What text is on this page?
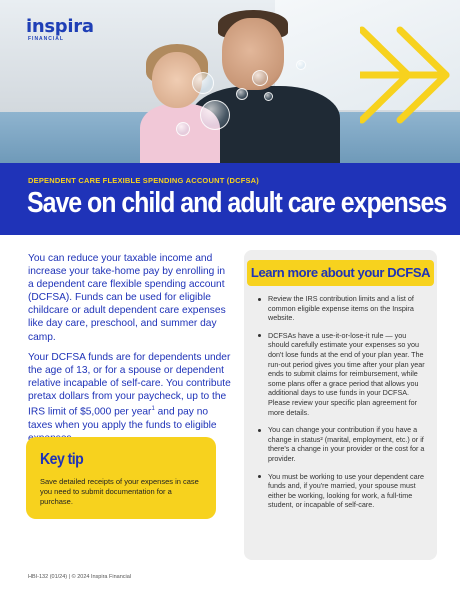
inspira
FINANCIAL
DEPENDENT CARE FLEXIBLE SPENDING ACCOUNT (DCFSA)
Save on child and adult care expenses

You can reduce your taxable income and increase your take-home pay by enrolling in a dependent care flexible spending account (DCFSA). Funds can be used for eligible childcare or adult dependent care expenses like day care, preschool, and summer day camp.

Your DCFSA funds are for dependents under the age of 13, or for a spouse or dependent relative incapable of self-care. You contribute pretax dollars from your paycheck, up to the IRS limit of $5,000 per year$^1$ and pay no taxes when you apply the funds to eligible

Key tip
Save detailed receipts of your expenses in case you need to submit documentation for a purchase.
HBI-132 (01/24) | © 2024 Inspira Financial
Learn more about your DCFSA
Review the IRS contribution limits and a list of common eligible expense items on the Inspira website.
DCFSAs have a use-it-or-lose-it rule — you should carefully estimate your expenses so you don't lose funds at the end of your plan year. The run-out period gives you time after your plan year ends to submit claims for reimbursement, while some plans offer a grace period that allows you additional days to use funds in your DCFSA. Please review your specific plan agreement for more details.
You can change your contribution if you have a change in status² (marital, employment, etc.) or if there's a change in your provider or the cost for a provider.
You must be working to use your dependent care funds and, if you're married, your spouse must either be working, looking for work, a full-time student, or incapable of self-care.
